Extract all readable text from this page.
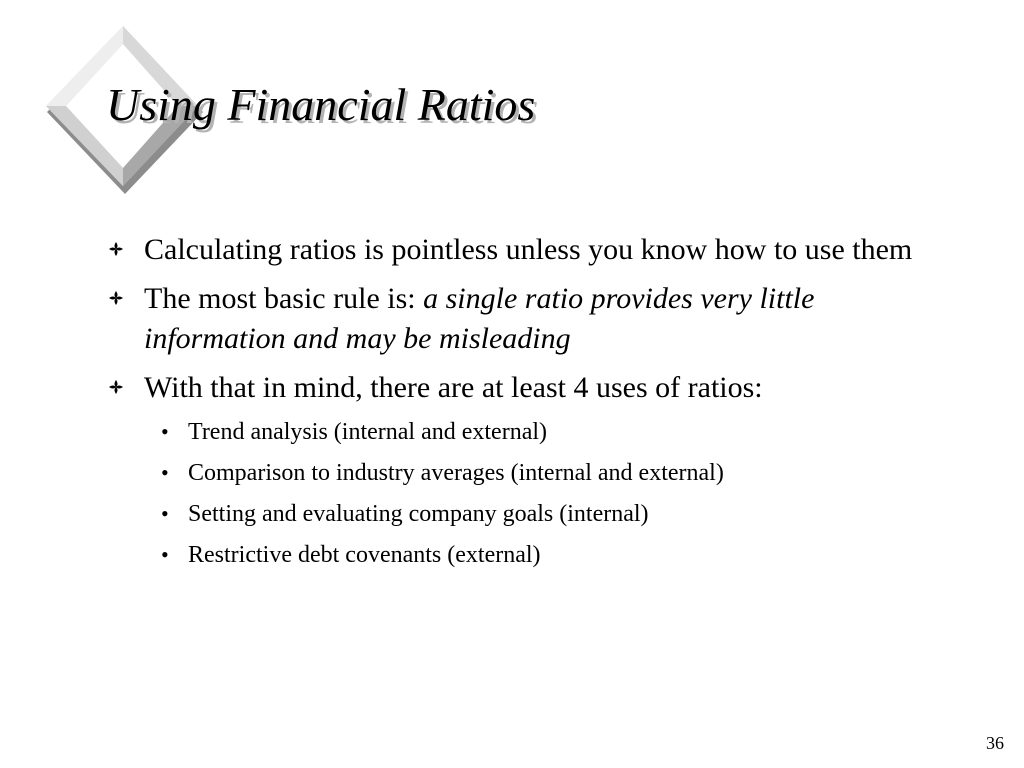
Using Financial Ratios
Calculating ratios is pointless unless you know how to use them
The most basic rule is: a single ratio provides very little information and may be misleading
With that in mind, there are at least 4 uses of ratios:
• Trend analysis (internal and external)
• Comparison to industry averages (internal and external)
• Setting and evaluating company goals (internal)
• Restrictive debt covenants (external)
36
